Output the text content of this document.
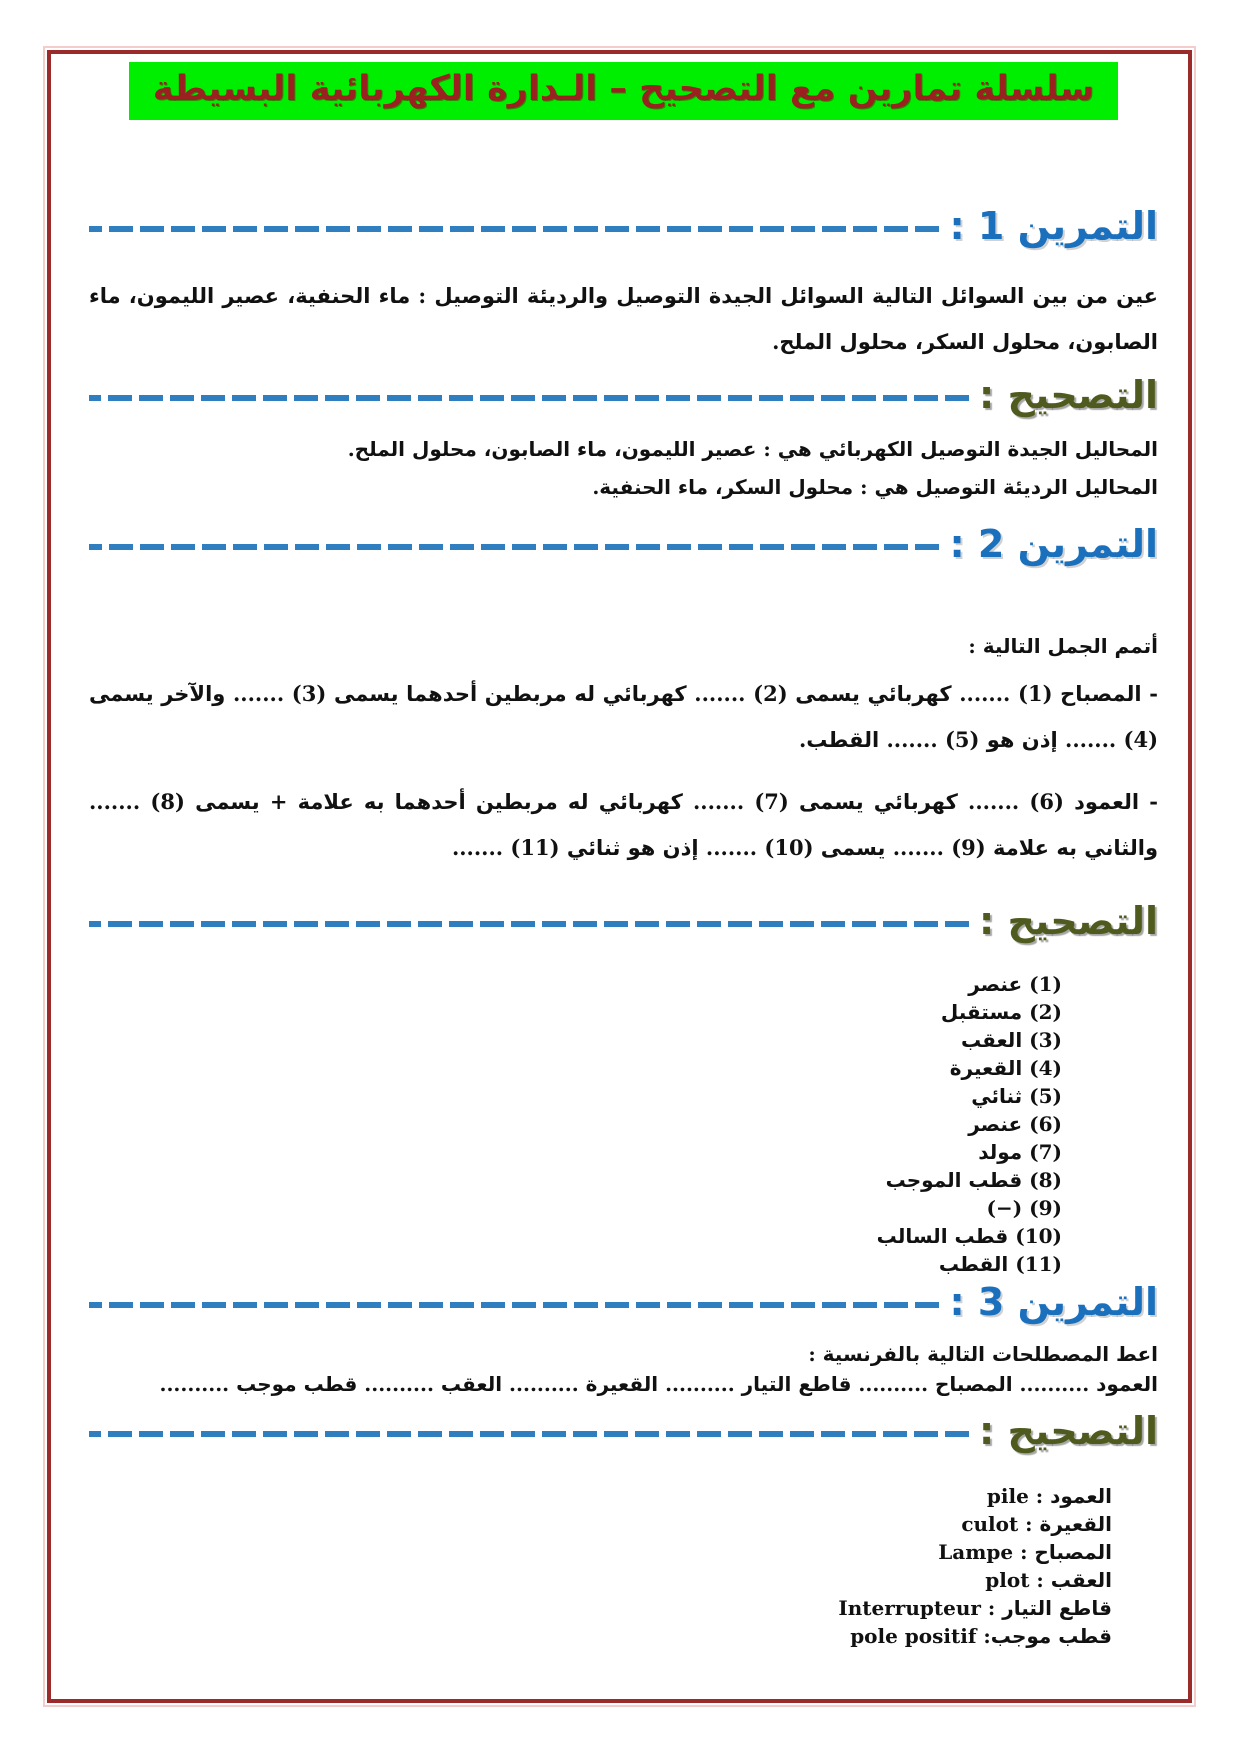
سلسلة تمارين مع التصحيح – الـدارة الكهربائية البسيطة
التمرين 1 :

عين من بين السوائل التالية السوائل الجيدة التوصيل والرديئة التوصيل : ماء الحنفية، عصير الليمون، ماء الصابون، محلول السكر، محلول الملح.

التصحيح :

المحاليل الجيدة التوصيل الكهربائي هي : عصير الليمون، ماء الصابون، محلول الملح.

المحاليل الرديئة التوصيل هي : محلول السكر، ماء الحنفية.

التمرين 2 :

أتمم الجمل التالية :

- المصباح (1) ....... كهربائي يسمى (2) ....... كهربائي له مربطين أحدهما يسمى (3) ....... والآخر يسمى (4) ....... إذن هو (5) ....... القطب.

- العمود (6) ....... كهربائي يسمى (7) ....... كهربائي له مربطين أحدهما به علامة + يسمى (8) ....... والثاني به علامة (9) ....... يسمى (10) ....... إذن هو ثنائي (11) .......

التصحيح :
(1) عنصر
(2) مستقبل
(3) العقب
(4) القعيرة
(5) ثنائي
(6) عنصر
(7) مولد
(8) قطب الموجب
(9) (−)
(10) قطب السالب
(11) القطب
التمرين 3 :

اعط المصطلحات التالية بالفرنسية :

العمود .......... المصباح .......... قاطع التيار .......... القعيرة .......... العقب .......... قطب موجب ..........

التصحيح :
العمود : pile
القعيرة : culot
المصباح : Lampe
العقب : plot
قاطع التيار : Interrupteur
قطب موجب: pole positif
